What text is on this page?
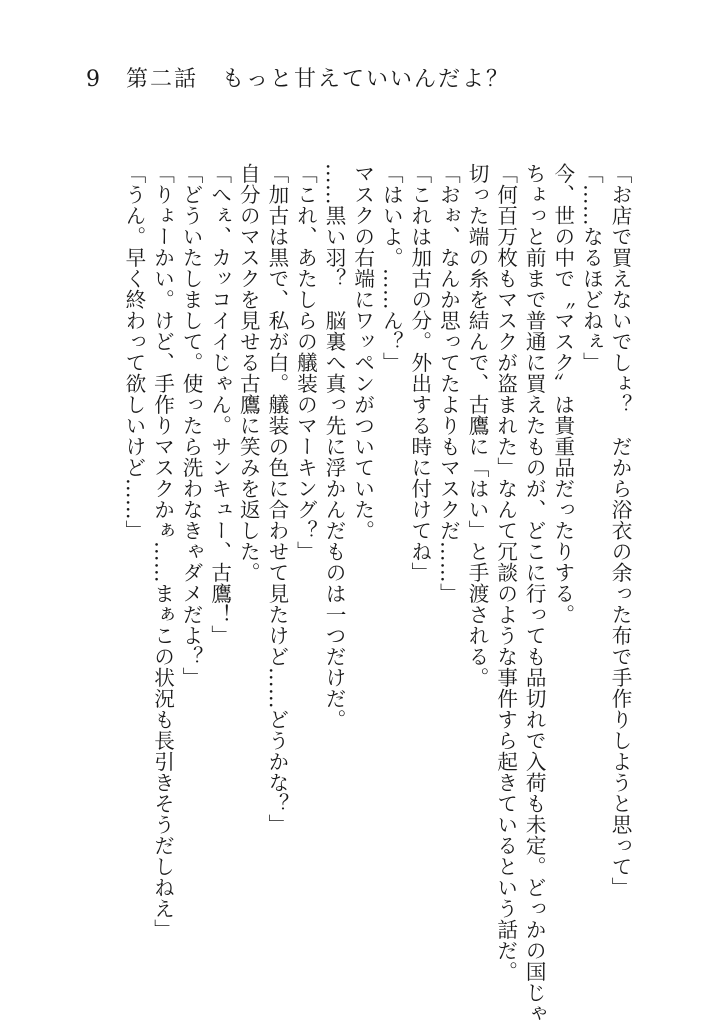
9　 第二話　もっと甘えていいんだよ？
「お店で買えないでしょ？　だから浴衣の余った布で手作りしようと思って」
「……なるほどねぇ」
今、世の中で〝マスク〟は貴重品だったりする。
ちょっと前まで普通に買えたものが、どこに行っても品切れで入荷も未定。どっかの国じゃ
「何百万枚もマスクが盗まれた」なんて冗談のような事件すら起きているという話だ。
切った端の糸を結んで、古鷹に「はい」と手渡される。
「おぉ、なんか思ってたよりもマスクだ……」
「これは加古の分。外出する時に付けてね」
「はいよ。……ん？」
マスクの右端にワッペンがついていた。
……黒い羽？　脳裏へ真っ先に浮かんだものは一つだけだ。
「これ、あたしらの艤装のマーキング？」
「加古は黒で、私が白。艤装の色に合わせて見たけど……どうかな？」
自分のマスクを見せる古鷹に笑みを返した。
「へぇ、カッコイイじゃん。サンキュー、古鷹！」
「どういたしまして。使ったら洗わなきゃダメだよ？」
「りょーかい。けど、手作りマスクかぁ……まぁこの状況も長引きそうだしねえ」
「うん。早く終わって欲しいけど……」
